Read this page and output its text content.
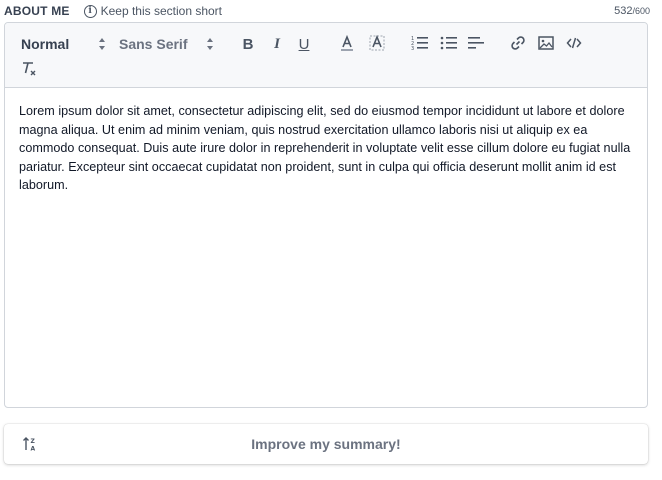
ABOUT ME	i Keep this section short	532/600
Normal	Sans Serif	B	I	U	1
2
3

Lorem ipsum dolor sit amet, consectetur adipiscing elit, sed do eiusmod tempor incididunt ut labore et dolore magna aliqua. Ut enim ad minim veniam, quis nostrud exercitation ullamco laboris nisi ut aliquip ex ea commodo consequat. Duis aute irure dolor in reprehenderit in voluptate velit esse cillum dolore eu fugiat nulla pariatur. Excepteur sint occaecat cupidatat non proident, sunt in culpa qui officia deserunt mollit anim id est laborum.

Z
A	Improve my summary!
